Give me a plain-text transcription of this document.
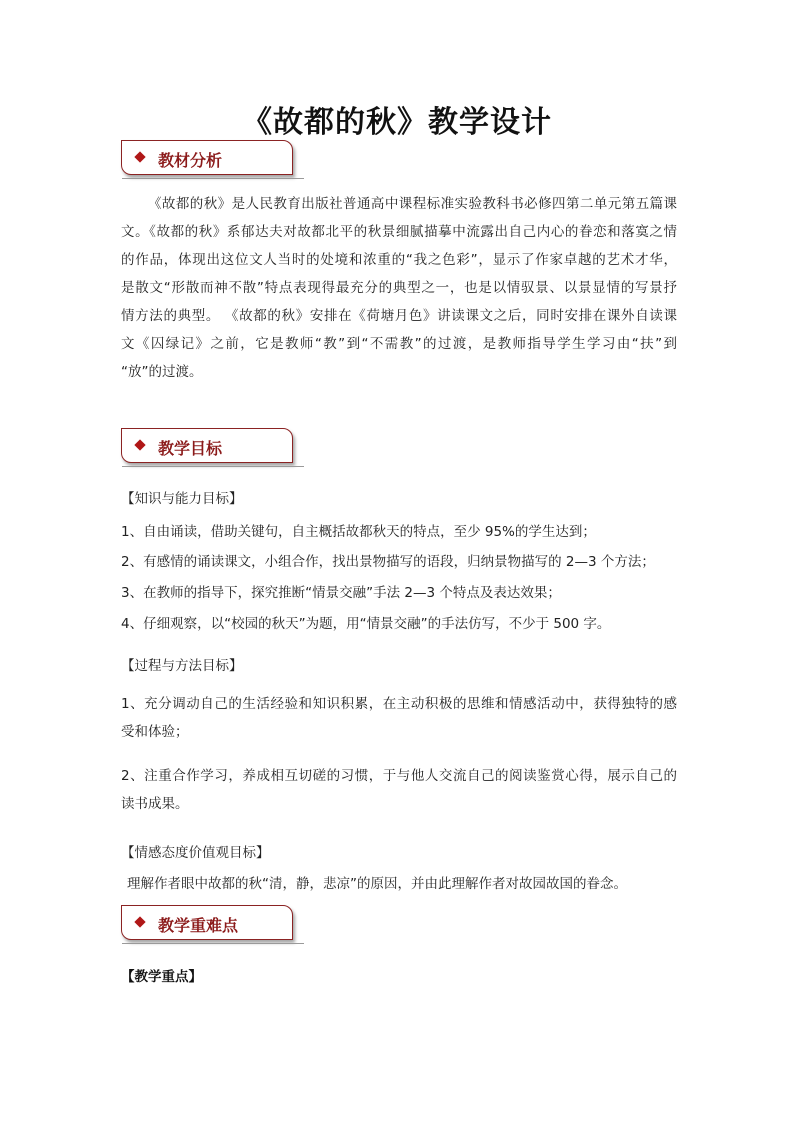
《故都的秋》教学设计
教材分析
《故都的秋》是人民教育出版社普通高中课程标准实验教科书必修四第二单元第五篇课
文。《故都的秋》系郁达夫对故都北平的秋景细腻描摹中流露出自己内心的眷恋和落寞之情
的作品，体现出这位文人当时的处境和浓重的“我之色彩”，显示了作家卓越的艺术才华，
是散文“形散而神不散”特点表现得最充分的典型之一，也是以情驭景、以景显情的写景抒
情方法的典型。 《故都的秋》安排在《荷塘月色》讲读课文之后，同时安排在课外自读课
文《囚绿记》之前，它是教师“教”到“不需教”的过渡，是教师指导学生学习由“扶”到
“放”的过渡。
教学目标
【知识与能力目标】
1、自由诵读，借助关键句，自主概括故都秋天的特点，至少 95%的学生达到；
2、有感情的诵读课文，小组合作，找出景物描写的语段，归纳景物描写的 2—3 个方法；
3、在教师的指导下，探究推断“情景交融”手法 2—3 个特点及表达效果；
4、仔细观察，以“校园的秋天”为题，用“情景交融”的手法仿写，不少于 500 字。
【过程与方法目标】
1、充分调动自己的生活经验和知识积累，在主动积极的思维和情感活动中，获得独特的感
受和体验；
2、注重合作学习，养成相互切磋的习惯，于与他人交流自己的阅读鉴赏心得，展示自己的
读书成果。
【情感态度价值观目标】
理解作者眼中故都的秋“清，静，悲凉”的原因，并由此理解作者对故园故国的眷念。
教学重难点
【教学重点】
